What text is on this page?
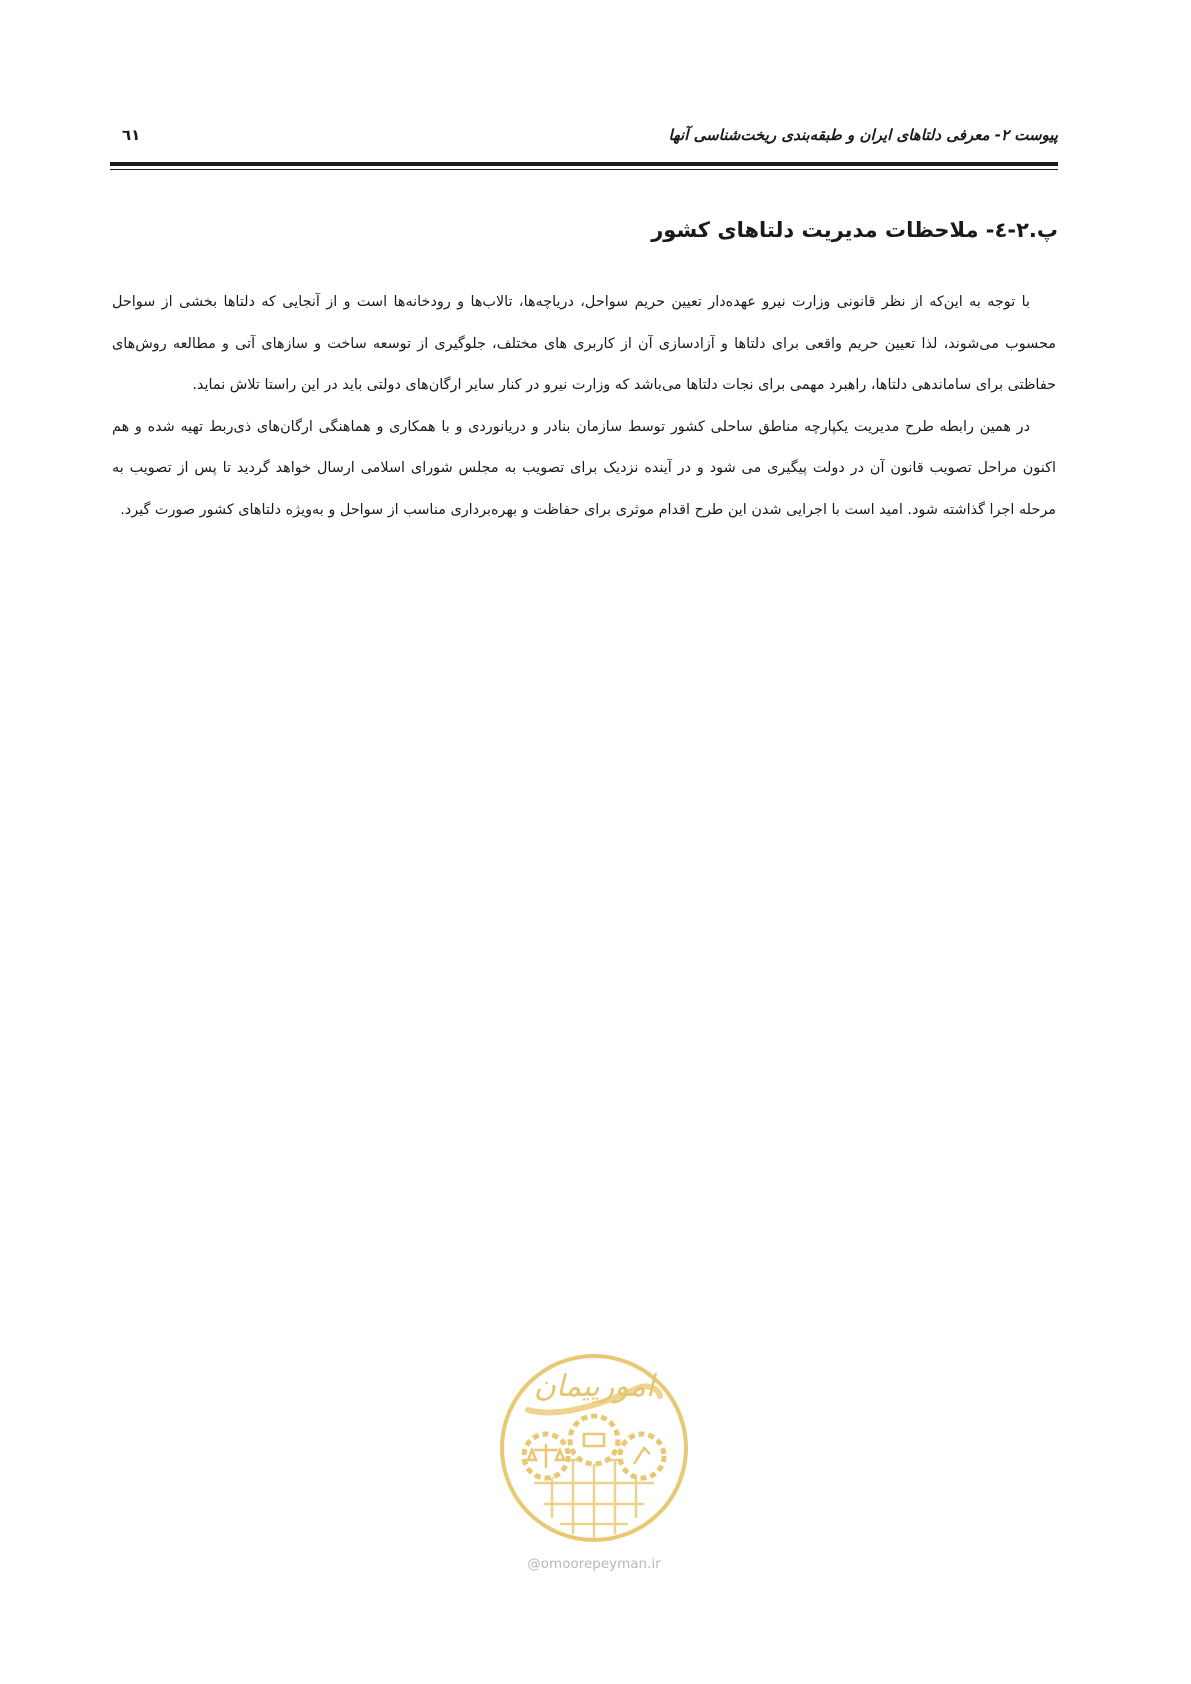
پیوست ۲- معرفی دلتاهای ایران و طبقه‌بندی ریخت‌شناسی آنها
٦١
پ.۲-٤- ملاحظات مدیریت دلتاهای کشور

با توجه به این‌که از نظر قانونی وزارت نیرو عهده‌دار تعیین حریم سواحل، دریاچه‌ها، تالاب‌ها و رودخانه‌ها است و از آنجایی که دلتاها بخشی از سواحل محسوب می‌شوند، لذا تعیین حریم واقعی برای دلتاها و آزادسازی آن از کاربری های مختلف، جلوگیری از توسعه ساخت و سازهای آتی و مطالعه روش‌های حفاظتی برای ساماندهی دلتاها، راهبرد مهمی برای نجات دلتاها می‌باشد که وزارت نیرو در کنار سایر ارگان‌های دولتی باید در این راستا تلاش نماید.

در همین رابطه طرح مدیریت یکپارچه مناطق ساحلی کشور توسط سازمان بنادر و دریانوردی و با همکاری و هماهنگی ارگان‌های ذی‌ربط تهیه شده و هم اکنون مراحل تصویب قانون آن در دولت پیگیری می شود و در آینده نزدیک برای تصویب به مجلس شورای اسلامی ارسال خواهد گردید تا پس از تصویب به مرحله اجرا گذاشته شود. امید است با اجرایی شدن این طرح اقدام موثری برای حفاظت و بهره‌برداری مناسب از سواحل و به‌ویژه دلتاهای کشور صورت گیرد.

امورپیمان
@omoorepeyman.ir
